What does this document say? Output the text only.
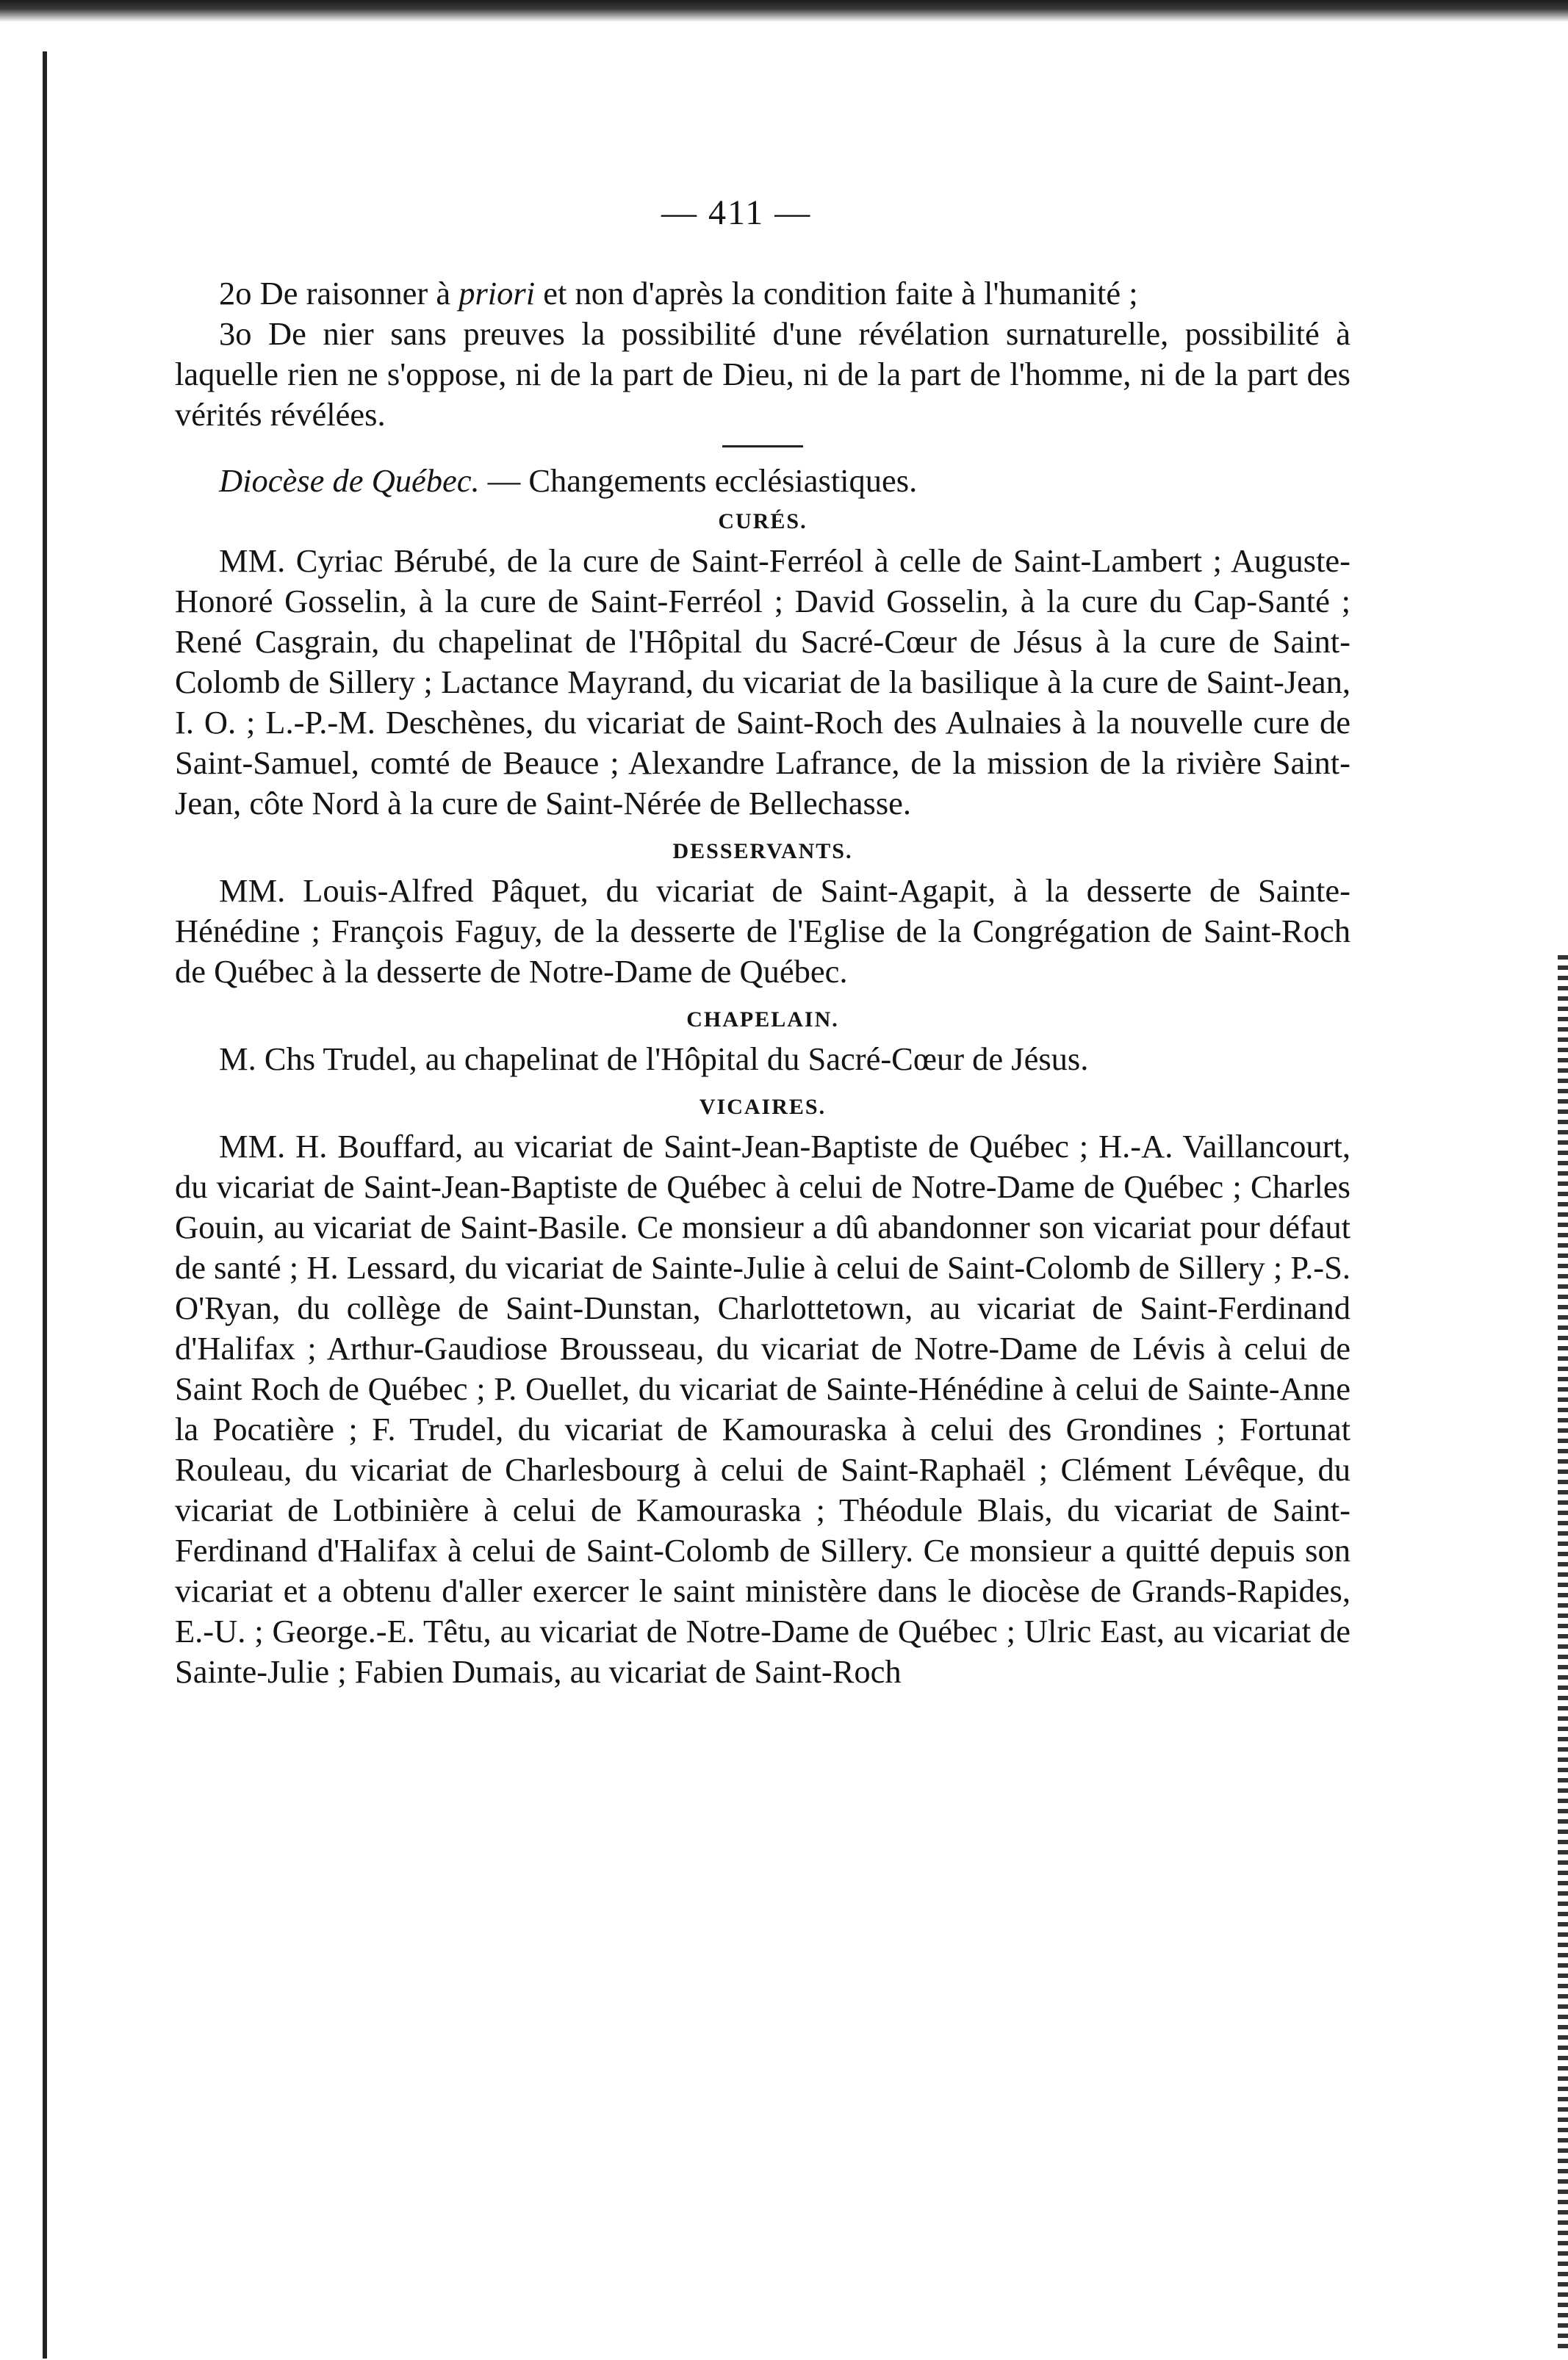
— 411 —

2o De raisonner à priori et non d'après la condition faite à l'humanité ;

3o De nier sans preuves la possibilité d'une révélation surnaturelle, possibilité à laquelle rien ne s'oppose, ni de la part de Dieu, ni de la part de l'homme, ni de la part des vérités révélées.

Diocèse de Québec. — Changements ecclésiastiques.

CURÉS.

MM. Cyriac Bérubé, de la cure de Saint-Ferréol à celle de Saint-Lambert ; Auguste-Honoré Gosselin, à la cure de Saint-Ferréol ; David Gosselin, à la cure du Cap-Santé ; René Casgrain, du chapelinat de l'Hôpital du Sacré-Cœur de Jésus à la cure de Saint-Colomb de Sillery ; Lactance Mayrand, du vicariat de la basilique à la cure de Saint-Jean, I. O. ; L.-P.-M. Deschènes, du vicariat de Saint-Roch des Aulnaies à la nouvelle cure de Saint-Samuel, comté de Beauce ; Alexandre Lafrance, de la mission de la rivière Saint-Jean, côte Nord à la cure de Saint-Nérée de Bellechasse.

DESSERVANTS.

MM. Louis-Alfred Pâquet, du vicariat de Saint-Agapit, à la desserte de Sainte-Hénédine ; François Faguy, de la desserte de l'Eglise de la Congrégation de Saint-Roch de Québec à la desserte de Notre-Dame de Québec.

CHAPELAIN.

M. Chs Trudel, au chapelinat de l'Hôpital du Sacré-Cœur de Jésus.

VICAIRES.

MM. H. Bouffard, au vicariat de Saint-Jean-Baptiste de Québec ; H.-A. Vaillancourt, du vicariat de Saint-Jean-Baptiste de Québec à celui de Notre-Dame de Québec ; Charles Gouin, au vicariat de Saint-Basile. Ce monsieur a dû abandonner son vicariat pour défaut de santé ; H. Lessard, du vicariat de Sainte-Julie à celui de Saint-Colomb de Sillery ; P.-S. O'Ryan, du collège de Saint-Dunstan, Charlottetown, au vicariat de Saint-Ferdinand d'Halifax ; Arthur-Gaudiose Brousseau, du vicariat de Notre-Dame de Lévis à celui de Saint Roch de Québec ; P. Ouellet, du vicariat de Sainte-Hénédine à celui de Sainte-Anne la Pocatière ; F. Trudel, du vicariat de Kamouraska à celui des Grondines ; Fortunat Rouleau, du vicariat de Charlesbourg à celui de Saint-Raphaël ; Clément Lévêque, du vicariat de Lotbinière à celui de Kamouraska ; Théodule Blais, du vicariat de Saint-Ferdinand d'Halifax à celui de Saint-Colomb de Sillery. Ce monsieur a quitté depuis son vicariat et a obtenu d'aller exercer le saint ministère dans le diocèse de Grands-Rapides, E.-U. ; George.-E. Têtu, au vicariat de Notre-Dame de Québec ; Ulric East, au vicariat de Sainte-Julie ; Fabien Dumais, au vicariat de Saint-Roch
